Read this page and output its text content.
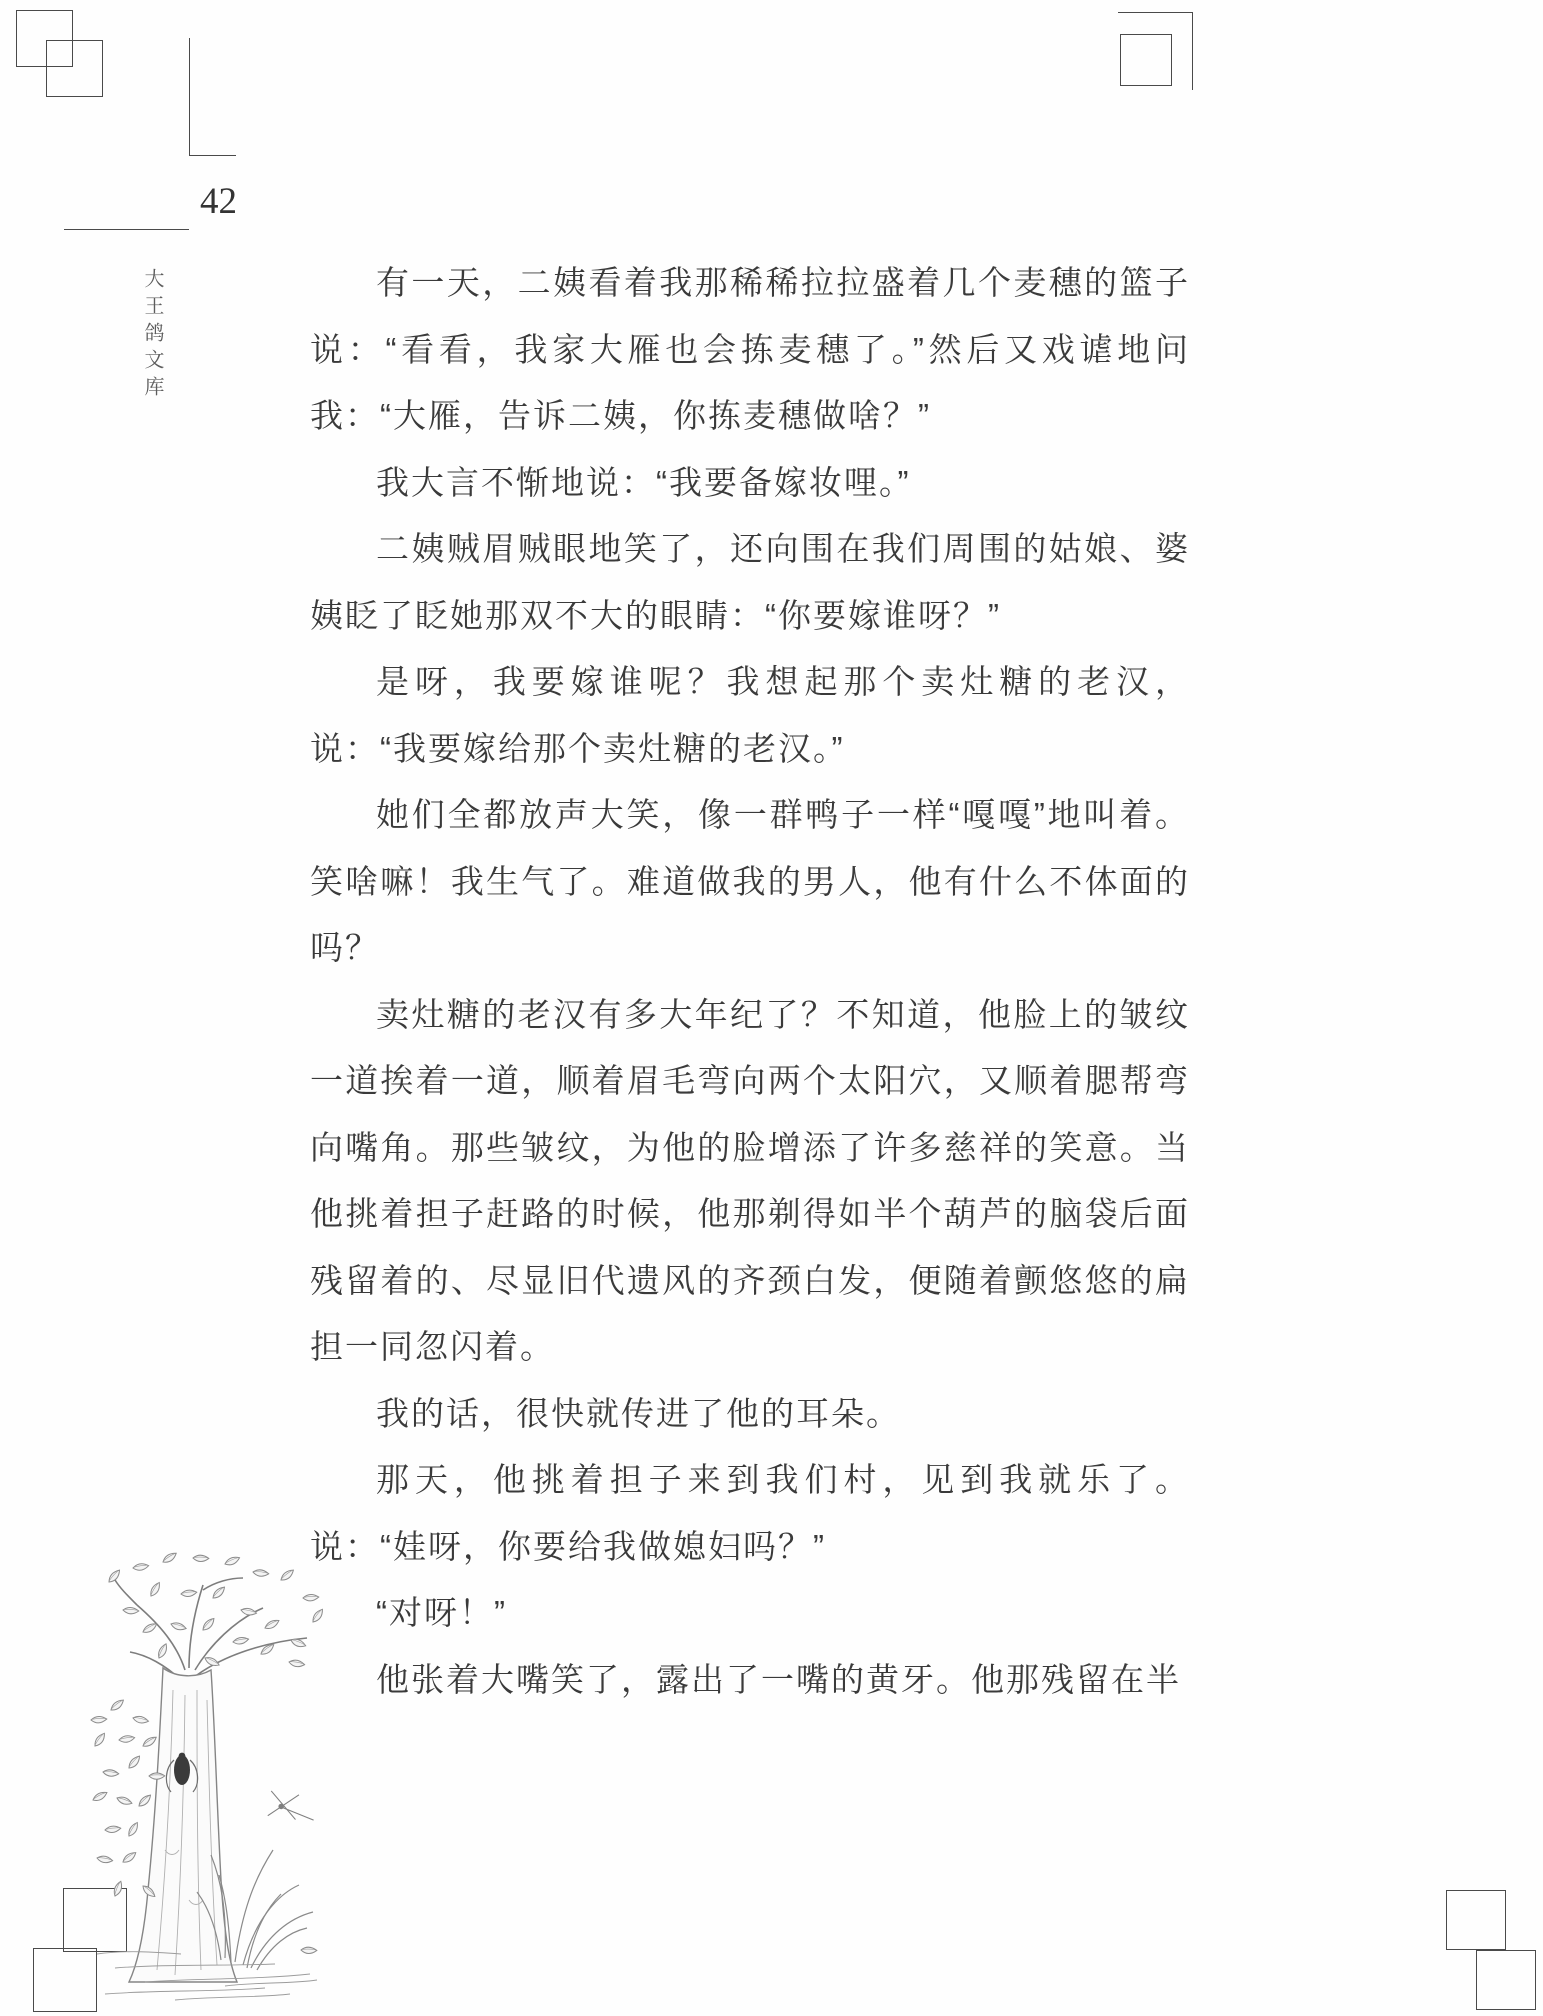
42
大王鸽文库	有一天，二姨看着我那稀稀拉拉盛着几个麦穗的篮子说：“看看，我家大雁也会拣麦穗了。”然后又戏谑地问我：“大雁，告诉二姨，你拣麦穗做啥？”

我大言不惭地说：“我要备嫁妆哩。”

二姨贼眉贼眼地笑了，还向围在我们周围的姑娘、婆姨眨了眨她那双不大的眼睛：“你要嫁谁呀？”

是呀，我要嫁谁呢？我想起那个卖灶糖的老汉，说：“我要嫁给那个卖灶糖的老汉。”

她们全都放声大笑，像一群鸭子一样“嘎嘎”地叫着。笑啥嘛！我生气了。难道做我的男人，他有什么不体面的吗？

卖灶糖的老汉有多大年纪了？不知道，他脸上的皱纹一道挨着一道，顺着眉毛弯向两个太阳穴，又顺着腮帮弯向嘴角。那些皱纹，为他的脸增添了许多慈祥的笑意。当他挑着担子赶路的时候，他那剃得如半个葫芦的脑袋后面残留着的、尽显旧代遗风的齐颈白发，便随着颤悠悠的扁担一同忽闪着。

我的话，很快就传进了他的耳朵。

那天，他挑着担子来到我们村，见到我就乐了。说：“娃呀，你要给我做媳妇吗？”

“对呀！”

他张着大嘴笑了，露出了一嘴的黄牙。他那残留在半
